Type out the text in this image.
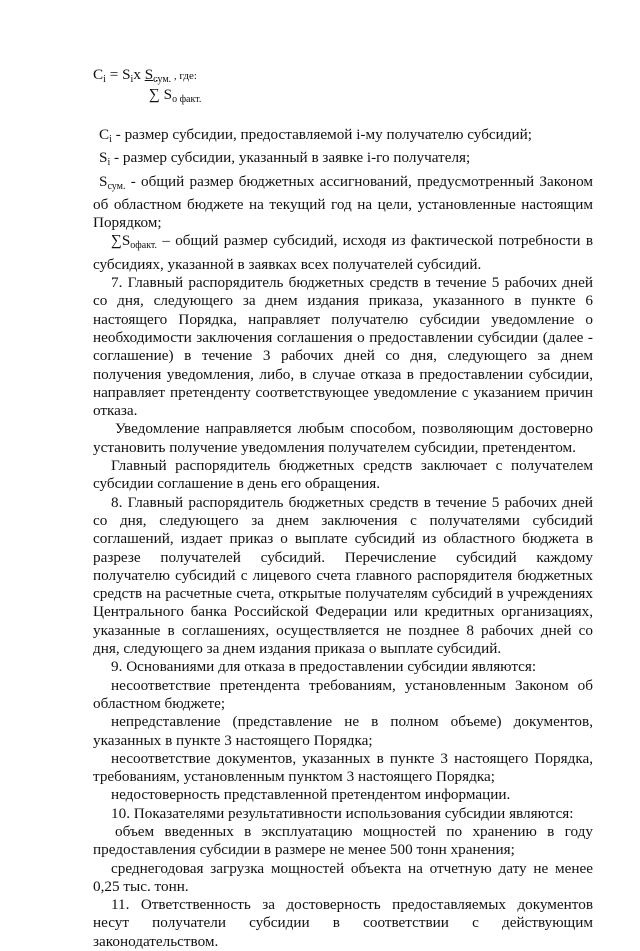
$C_i = S_ix$ $S_{сум.}$ , где:
∑ $S_{о факт.}$

$C_i$ - размер субсидии, предоставляемой i-му получателю субсидий;

$S_i$ - размер субсидии, указанный в заявке i-го получателя;

$S_{сум.}$ - общий размер бюджетных ассигнований, предусмотренный Законом об областном бюджете на текущий год на цели, установленные настоящим Порядком;

$\sum S_{офакт.}$ – общий размер субсидий, исходя из фактической потребности в субсидиях, указанной в заявках всех получателей субсидий.

7. Главный распорядитель бюджетных средств в течение 5 рабочих дней со дня, следующего за днем издания приказа, указанного в пункте 6 настоящего Порядка, направляет получателю субсидии уведомление о необходимости заключения соглашения о предоставлении субсидии (далее - соглашение) в течение 3 рабочих дней со дня, следующего за днем получения уведомления, либо, в случае отказа в предоставлении субсидии, направляет претенденту соответствующее уведомление с указанием причин отказа.

Уведомление направляется любым способом, позволяющим достоверно установить получение уведомления получателем субсидии, претендентом.

Главный распорядитель бюджетных средств заключает с получателем субсидии соглашение в день его обращения.

8. Главный распорядитель бюджетных средств в течение 5 рабочих дней со дня, следующего за днем заключения с получателями субсидий соглашений, издает приказ о выплате субсидий из областного бюджета в разрезе получателей субсидий. Перечисление субсидий каждому получателю субсидий с лицевого счета главного распорядителя бюджетных средств на расчетные счета, открытые получателям субсидий в учреждениях Центрального банка Российской Федерации или кредитных организациях, указанные в соглашениях, осуществляется не позднее 8 рабочих дней со дня, следующего за днем издания приказа о выплате субсидий.

9. Основаниями для отказа в предоставлении субсидии являются:

несоответствие претендента требованиям, установленным Законом об областном бюджете;

непредставление (представление не в полном объеме) документов, указанных в пункте 3 настоящего Порядка;

несоответствие документов, указанных в пункте 3 настоящего Порядка, требованиям, установленным пунктом 3 настоящего Порядка;

недостоверность представленной претендентом информации.

10. Показателями результативности использования субсидии являются:

объем введенных в эксплуатацию мощностей по хранению в году предоставления субсидии в размере не менее 500 тонн хранения;

среднегодовая загрузка мощностей объекта на отчетную дату не менее 0,25 тыс. тонн.

11. Ответственность за достоверность предоставляемых документов несут получатели субсидии в соответствии с действующим законодательством.
